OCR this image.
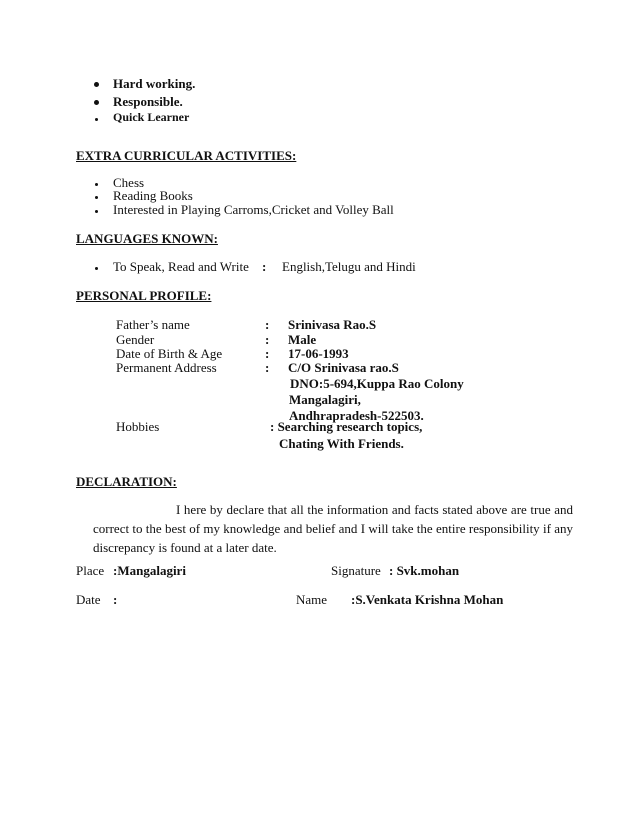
Hard working.
Responsible.
Quick Learner
EXTRA CURRICULAR ACTIVITIES:
Chess
Reading Books
Interested in Playing Carroms,Cricket and Volley Ball
LANGUAGES KNOWN:
To Speak, Read and Write : English,Telugu and Hindi
PERSONAL PROFILE:
Father’s name	: Srinivasa Rao.S
Gender	: Male
Date of Birth & Age	: 17-06-1993
Permanent Address	: C/O Srinivasa rao.S
DNO:5-694,Kuppa Rao Colony
Mangalagiri,
Andhrapradesh-522503.
Hobbies	: Searching research topics,
Chating With Friends.
DECLARATION:
I here by declare that all the information and facts stated above are true and correct to the best of my knowledge and belief and I will take the entire responsibility if any discrepancy is found at a later date.
Place :Mangalagiri	Signature : Svk.mohan
Date :	Name :S.Venkata Krishna Mohan
